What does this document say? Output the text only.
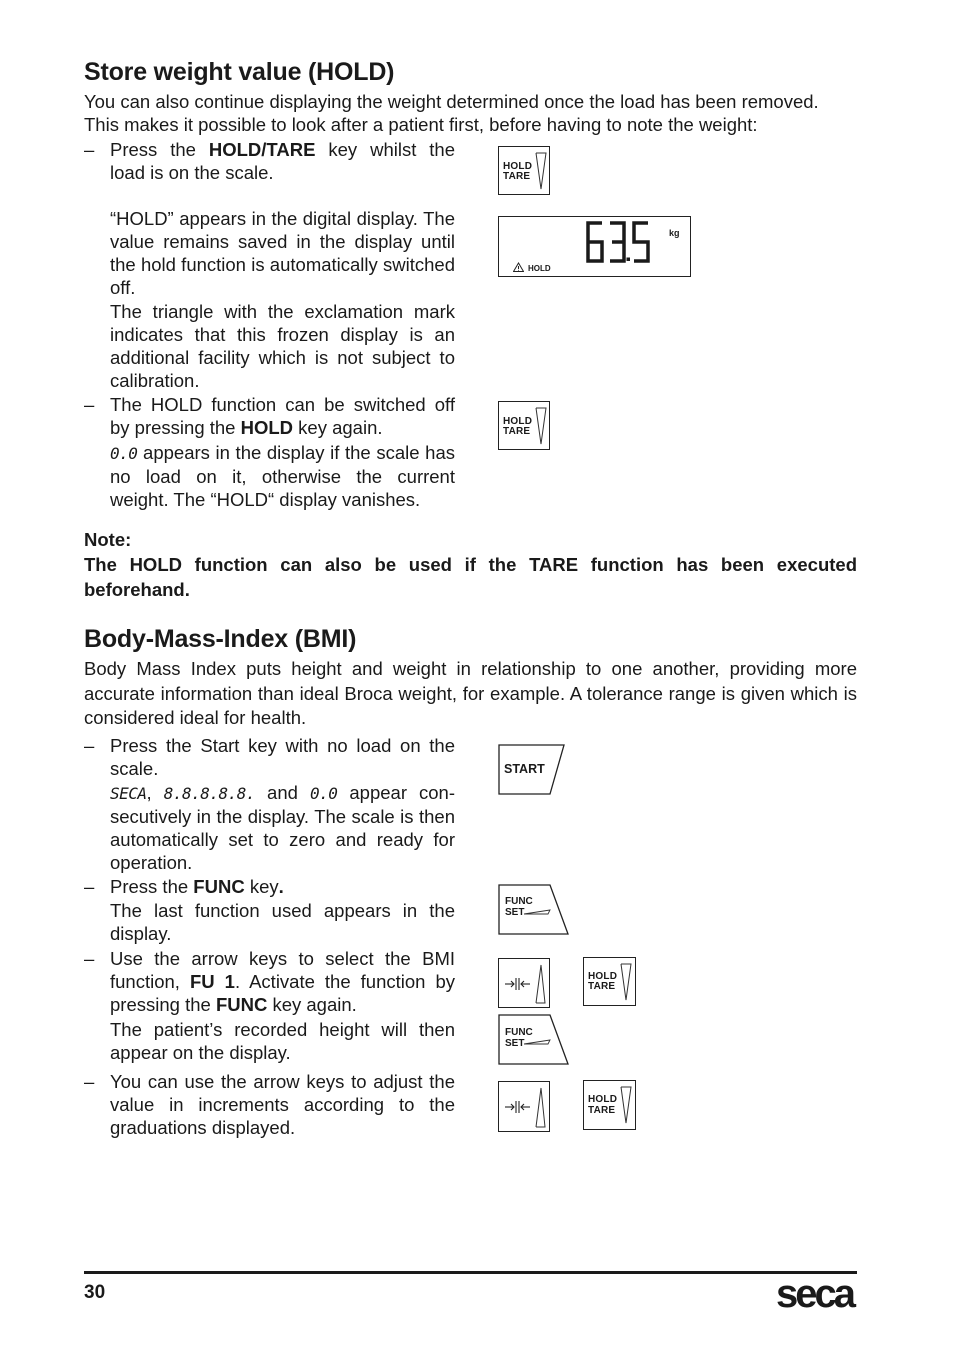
Store weight value (HOLD)
You can also continue displaying the weight determined once the load has been removed. This makes it possible to look after a patient first, before having to note the weight:
– Press the HOLD/TARE key whilst the load is on the scale.
“HOLD” appears in the digital display. The value remains saved in the display until the hold function is automatically switched off.
The triangle with the exclamation mark indicates that this frozen display is an additional facility which is not subject to calibration.
– The HOLD function can be switched off by pressing the HOLD key again.
0.0 appears in the display if the scale has no load on it, otherwise the current weight. The “HOLD“ display vanishes.
Note:
The HOLD function can also be used if the TARE function has been executed beforehand.
HOLD
TARE
kg
HOLD
HOLD
TARE
Body-Mass-Index (BMI)
Body Mass Index puts height and weight in relationship to one another, providing more accurate information than ideal Broca weight, for example. A tolerance range is given which is considered ideal for health.
– Press the Start key with no load on the scale.
SECA, 8.8.8.8.8. and 0.0 appear con-secutively in the display. The scale is then automatically set to zero and ready for operation.
– Press the FUNC key.
The last function used appears in the display.
– Use the arrow keys to select the BMI function, FU 1. Activate the function by pressing the FUNC key again.
The patient’s recorded height will then appear on the display.
– You can use the arrow keys to adjust the value in increments according to the graduations displayed.
START
FUNC
SET
HOLD
TARE
FUNC
SET
HOLD
TARE
30	seca
